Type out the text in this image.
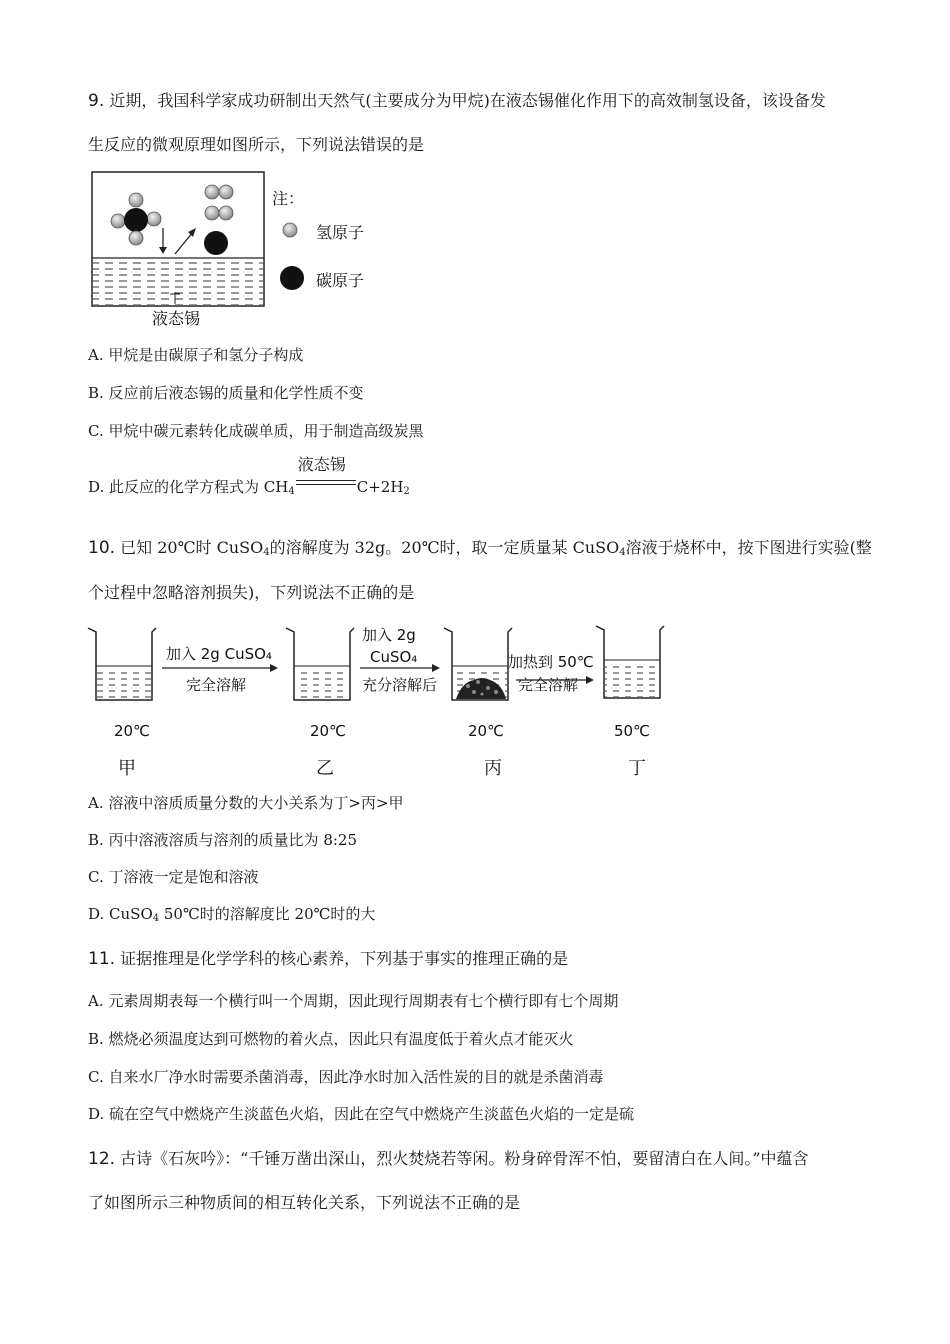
9. 近期，我国科学家成功研制出天然气(主要成分为甲烷)在液态锡催化作用下的高效制氢设备，该设备发
生反应的微观原理如图所示，下列说法错误的是
注：
氢原子
碳原子
液态锡
A. 甲烷是由碳原子和氢分子构成
B. 反应前后液态锡的质量和化学性质不变
C. 甲烷中碳元素转化成碳单质，用于制造高级炭黑
D. 此反应的化学方程式为 $CH_4$
液态锡
$C+2H_2$
10. 已知 20℃时 CuSO$_4$的溶解度为 32g。20℃时，取一定质量某 CuSO$_4$溶液于烧杯中，按下图进行实验(整
个过程中忽略溶剂损失)，下列说法不正确的是
加入 2g CuSO₄
完全溶解
加入 2g
CuSO₄
充分溶解后
加热到 50℃
完全溶解
20℃	20℃	20℃	50℃
甲	乙	丙	丁
A. 溶液中溶质质量分数的大小关系为丁>丙>甲
B. 丙中溶液溶质与溶剂的质量比为 8:25
C. 丁溶液一定是饱和溶液
D. CuSO$_4$ 50℃时的溶解度比 20℃时的大
11. 证据推理是化学学科的核心素养，下列基于事实的推理正确的是
A. 元素周期表每一个横行叫一个周期，因此现行周期表有七个横行即有七个周期
B. 燃烧必须温度达到可燃物的着火点，因此只有温度低于着火点才能灭火
C. 自来水厂净水时需要杀菌消毒，因此净水时加入活性炭的目的就是杀菌消毒
D. 硫在空气中燃烧产生淡蓝色火焰，因此在空气中燃烧产生淡蓝色火焰的一定是硫
12. 古诗《石灰吟》：“千锤万凿出深山，烈火焚烧若等闲。粉身碎骨浑不怕，要留清白在人间。”中蕴含
了如图所示三种物质间的相互转化关系，下列说法不正确的是
